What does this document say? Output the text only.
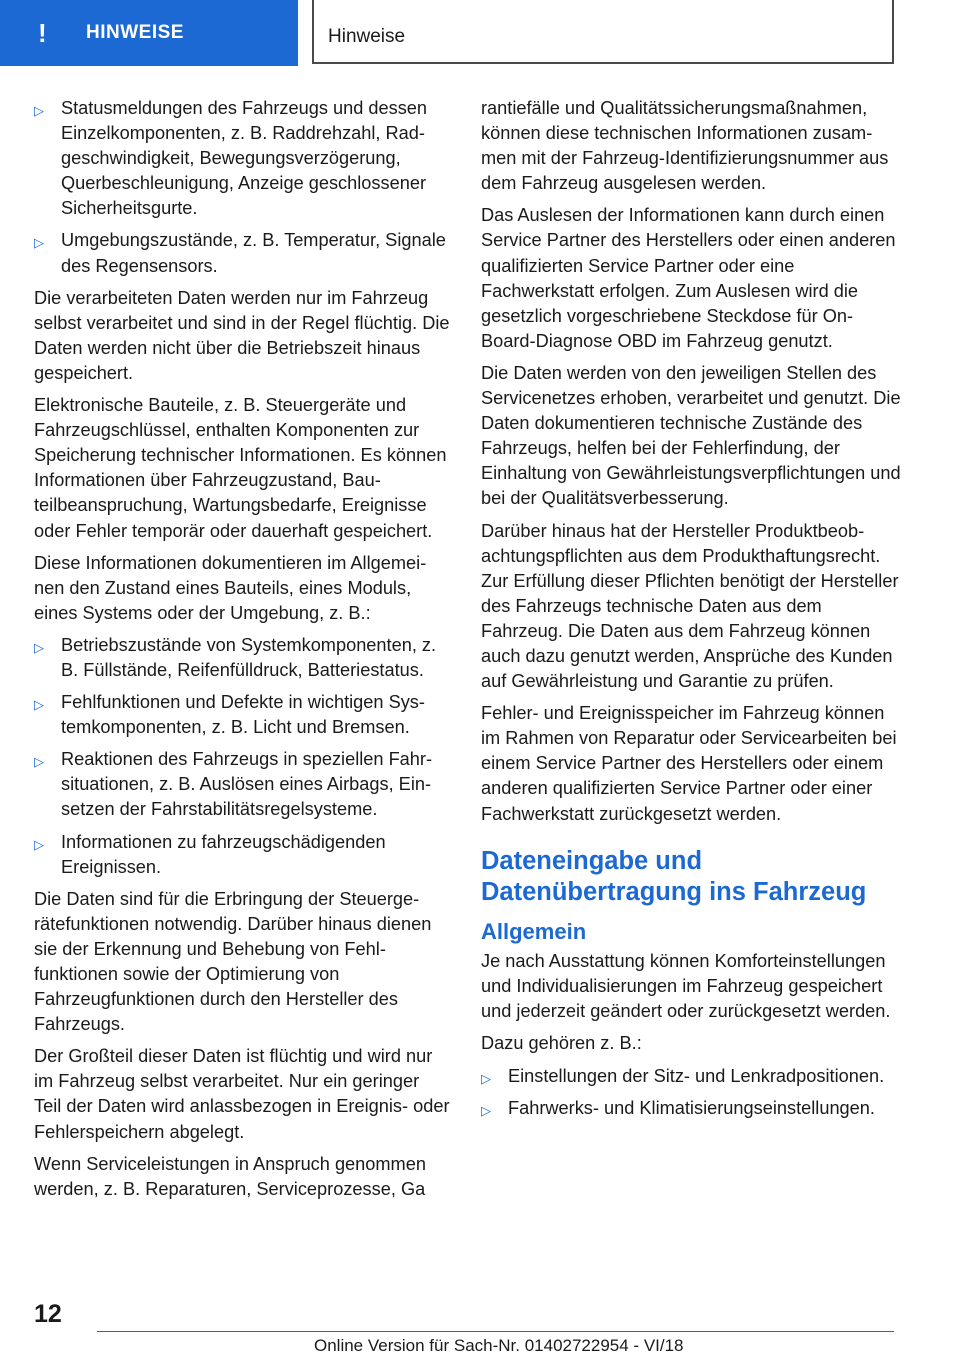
!	HINWEISE	Hinweise
▷ Statusmeldungen des Fahrzeugs und dessen Einzelkomponenten, z. B. Raddrehzahl, Radgeschwindigkeit, Bewegungsverzögerung, Querbeschleunigung, Anzeige geschlossener Sicherheitsgurte.
▷ Umgebungszustände, z. B. Temperatur, Signale des Regensensors.

Die verarbeiteten Daten werden nur im Fahrzeug selbst verarbeitet und sind in der Regel flüchtig. Die Daten werden nicht über die Betriebszeit hinaus gespeichert.

Elektronische Bauteile, z. B. Steuergeräte und Fahrzeugschlüssel, enthalten Komponenten zur Speicherung technischer Informationen. Es können Informationen über Fahrzeugzustand, Bauteilbeanspruchung, Wartungsbedarfe, Ereignisse oder Fehler temporär oder dauerhaft gespeichert.

Diese Informationen dokumentieren im Allgemeinen den Zustand eines Bauteils, eines Moduls, eines Systems oder der Umgebung, z. B.:

▷ Betriebszustände von Systemkomponenten, z. B. Füllstände, Reifenfülldruck, Batteriestatus.
▷ Fehlfunktionen und Defekte in wichtigen Systemkomponenten, z. B. Licht und Bremsen.
▷ Reaktionen des Fahrzeugs in speziellen Fahrsituationen, z. B. Auslösen eines Airbags, Einsetzen der Fahrstabilitätsregelsysteme.
▷ Informationen zu fahrzeugschädigenden Ereignissen.

Die Daten sind für die Erbringung der Steuergerätefunktionen notwendig. Darüber hinaus dienen sie der Erkennung und Behebung von Fehlfunktionen sowie der Optimierung von Fahrzeugfunktionen durch den Hersteller des Fahrzeugs.

Der Großteil dieser Daten ist flüchtig und wird nur im Fahrzeug selbst verarbeitet. Nur ein geringer Teil der Daten wird anlassbezogen in Ereignis- oder Fehlerspeichern abgelegt.

Wenn Serviceleistungen in Anspruch genommen werden, z. B. Reparaturen, Serviceprozesse, Ga

rantiefälle und Qualitätssicherungsmaßnahmen, können diese technischen Informationen zusammen mit der Fahrzeug-Identifizierungsnummer aus dem Fahrzeug ausgelesen werden.

Das Auslesen der Informationen kann durch einen Service Partner des Herstellers oder einen anderen qualifizierten Service Partner oder eine Fachwerkstatt erfolgen. Zum Auslesen wird die gesetzlich vorgeschriebene Steckdose für On-Board-Diagnose OBD im Fahrzeug genutzt.

Die Daten werden von den jeweiligen Stellen des Servicenetzes erhoben, verarbeitet und genutzt. Die Daten dokumentieren technische Zustände des Fahrzeugs, helfen bei der Fehlerfindung, der Einhaltung von Gewährleistungsverpflichtungen und bei der Qualitätsverbesserung.

Darüber hinaus hat der Hersteller Produktbeobachtungspflichten aus dem Produkthaftungsrecht. Zur Erfüllung dieser Pflichten benötigt der Hersteller des Fahrzeugs technische Daten aus dem Fahrzeug. Die Daten aus dem Fahrzeug können auch dazu genutzt werden, Ansprüche des Kunden auf Gewährleistung und Garantie zu prüfen.

Fehler- und Ereignisspeicher im Fahrzeug können im Rahmen von Reparatur oder Servicearbeiten bei einem Service Partner des Herstellers oder einem anderen qualifizierten Service Partner oder einer Fachwerkstatt zurückgesetzt werden.

Dateneingabe und Datenübertragung ins Fahrzeug
Allgemein

Je nach Ausstattung können Komforteinstellungen und Individualisierungen im Fahrzeug gespeichert und jederzeit geändert oder zurückgesetzt werden.

Dazu gehören z. B.:

▷ Einstellungen der Sitz- und Lenkradpositionen.
▷ Fahrwerks- und Klimatisierungseinstellungen.
12
Online Version für Sach-Nr. 01402722954 - VI/18
